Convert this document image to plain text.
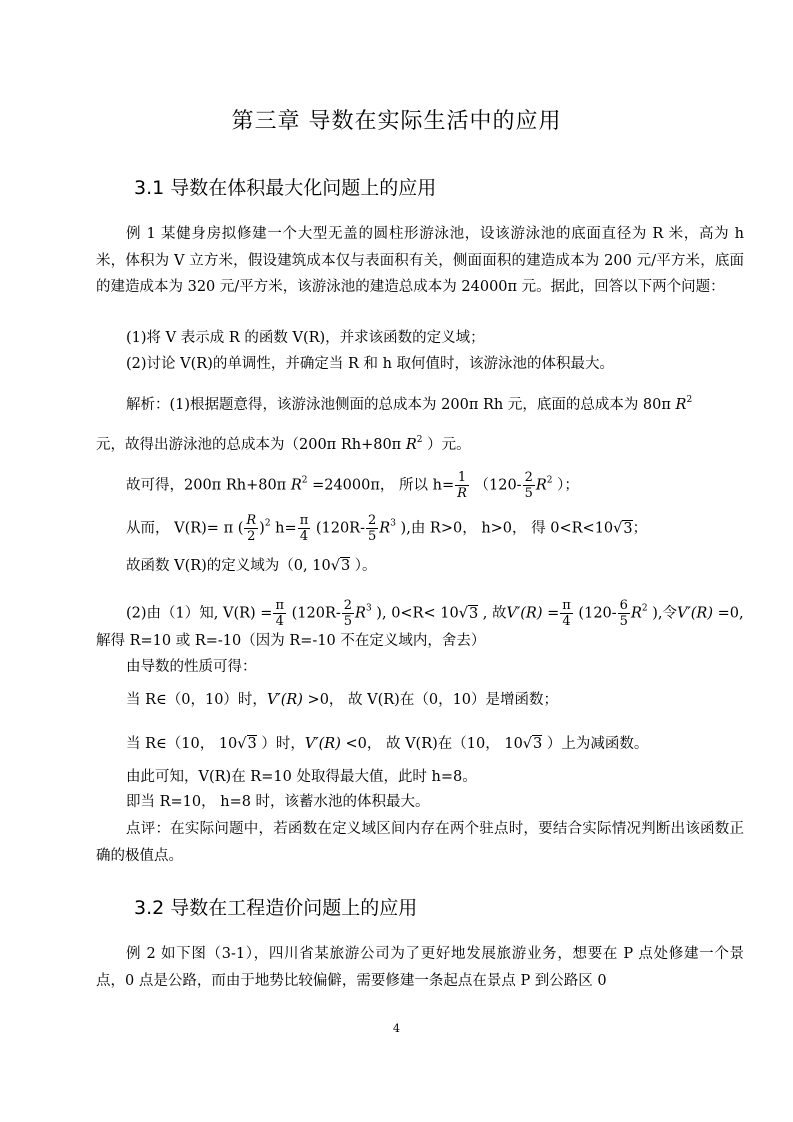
第三章 导数在实际生活中的应用
3.1 导数在体积最大化问题上的应用

例 1 某健身房拟修建一个大型无盖的圆柱形游泳池，设该游泳池的底面直径为 R 米，高为 h 米，体积为 V 立方米，假设建筑成本仅与表面积有关，侧面面积的建造成本为 200 元/平方米，底面的建造成本为 320 元/平方米，该游泳池的建造总成本为 24000π 元。据此，回答以下两个问题：

(1)将 V 表示成 R 的函数 V(R)，并求该函数的定义域；

(2)讨论 V(R)的单调性，并确定当 R 和 h 取何值时，该游泳池的体积最大。

解析：(1)根据题意得，该游泳池侧面的总成本为 200π Rh 元，底面的总成本为 80π $R^2$

元，故得出游泳池的总成本为（200π Rh+80π $R^2$ ）元。

故可得，200π Rh+80π $R^2 =24000\pi$， 所以 $h= \frac{1}{R} (120- \frac{2}{5} R^2$ ）；

从而， V(R)= π ( $\frac{R}{2} )^2$ $h= \frac{\pi}{4} (120R- \frac{2}{5} R^3$ ),由 R>0， h>0， 得 0<R<10√3；

故函数 V(R)的定义域为（0, 10√3 ）。

(2)由（1）知, $V(R) = \frac{\pi}{4} (120R- \frac{2}{5} R^3$ ), 0<R< 10√3 , 故$V'(R) = \frac{\pi}{4} (120- \frac{6}{5} R^2$ ),令V′(R) =0,

解得 R=10 或 R=-10（因为 R=-10 不在定义域内，舍去）

由导数的性质可得：

当 R∈（0，10）时，V′(R) >0， 故 V(R)在（0，10）是增函数；

当 R∈（10， 10√3 ）时，V′(R) <0， 故 V(R)在（10， 10√3 ）上为减函数。

由此可知，V(R)在 R=10 处取得最大值，此时 h=8。

即当 R=10， h=8 时，该蓄水池的体积最大。

点评：在实际问题中，若函数在定义域区间内存在两个驻点时，要结合实际情况判断出该函数正确的极值点。

3.2 导数在工程造价问题上的应用

例 2 如下图（3-1），四川省某旅游公司为了更好地发展旅游业务，想要在 P 点处修建一个景点，0 点是公路，而由于地势比较偏僻，需要修建一条起点在景点 P 到公路区 0

4
